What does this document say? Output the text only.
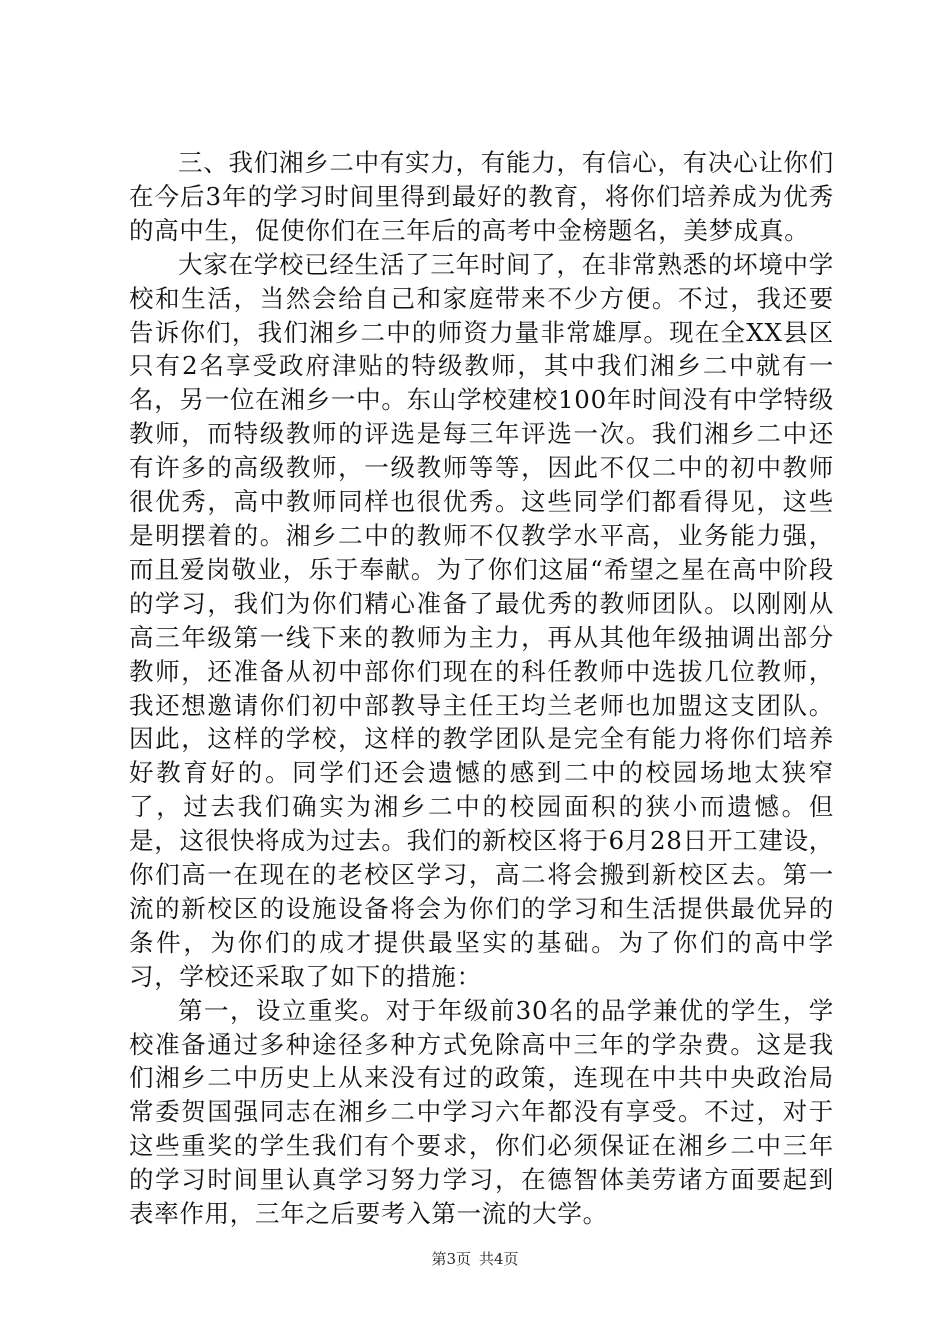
三、我们湘乡二中有实力，有能力，有信心，有决心让你们在今后3年的学习时间里得到最好的教育，将你们培养成为优秀的高中生，促使你们在三年后的高考中金榜题名，美梦成真。

大家在学校已经生活了三年时间了，在非常熟悉的坏境中学校和生活，当然会给自己和家庭带来不少方便。不过，我还要告诉你们，我们湘乡二中的师资力量非常雄厚。现在全XX县区只有2名享受政府津贴的特级教师，其中我们湘乡二中就有一名，另一位在湘乡一中。东山学校建校100年时间没有中学特级教师，而特级教师的评选是每三年评选一次。我们湘乡二中还有许多的高级教师，一级教师等等，因此不仅二中的初中教师很优秀，高中教师同样也很优秀。这些同学们都看得见，这些是明摆着的。湘乡二中的教师不仅教学水平高，业务能力强，而且爱岗敬业，乐于奉献。为了你们这届“希望之星在高中阶段的学习，我们为你们精心准备了最优秀的教师团队。以刚刚从高三年级第一线下来的教师为主力，再从其他年级抽调出部分教师，还准备从初中部你们现在的科任教师中选拔几位教师，我还想邀请你们初中部教导主任王均兰老师也加盟这支团队。因此，这样的学校，这样的教学团队是完全有能力将你们培养好教育好的。同学们还会遗憾的感到二中的校园场地太狭窄了，过去我们确实为湘乡二中的校园面积的狭小而遗憾。但是，这很快将成为过去。我们的新校区将于6月28日开工建设，你们高一在现在的老校区学习，高二将会搬到新校区去。第一流的新校区的设施设备将会为你们的学习和生活提供最优异的条件，为你们的成才提供最坚实的基础。为了你们的高中学习，学校还采取了如下的措施：

第一，设立重奖。对于年级前30名的品学兼优的学生，学校准备通过多种途径多种方式免除高中三年的学杂费。这是我们湘乡二中历史上从来没有过的政策，连现在中共中央政治局常委贺国强同志在湘乡二中学习六年都没有享受。不过，对于这些重奖的学生我们有个要求，你们必须保证在湘乡二中三年的学习时间里认真学习努力学习，在德智体美劳诸方面要起到表率作用，三年之后要考入第一流的大学。

第3页 共4页
